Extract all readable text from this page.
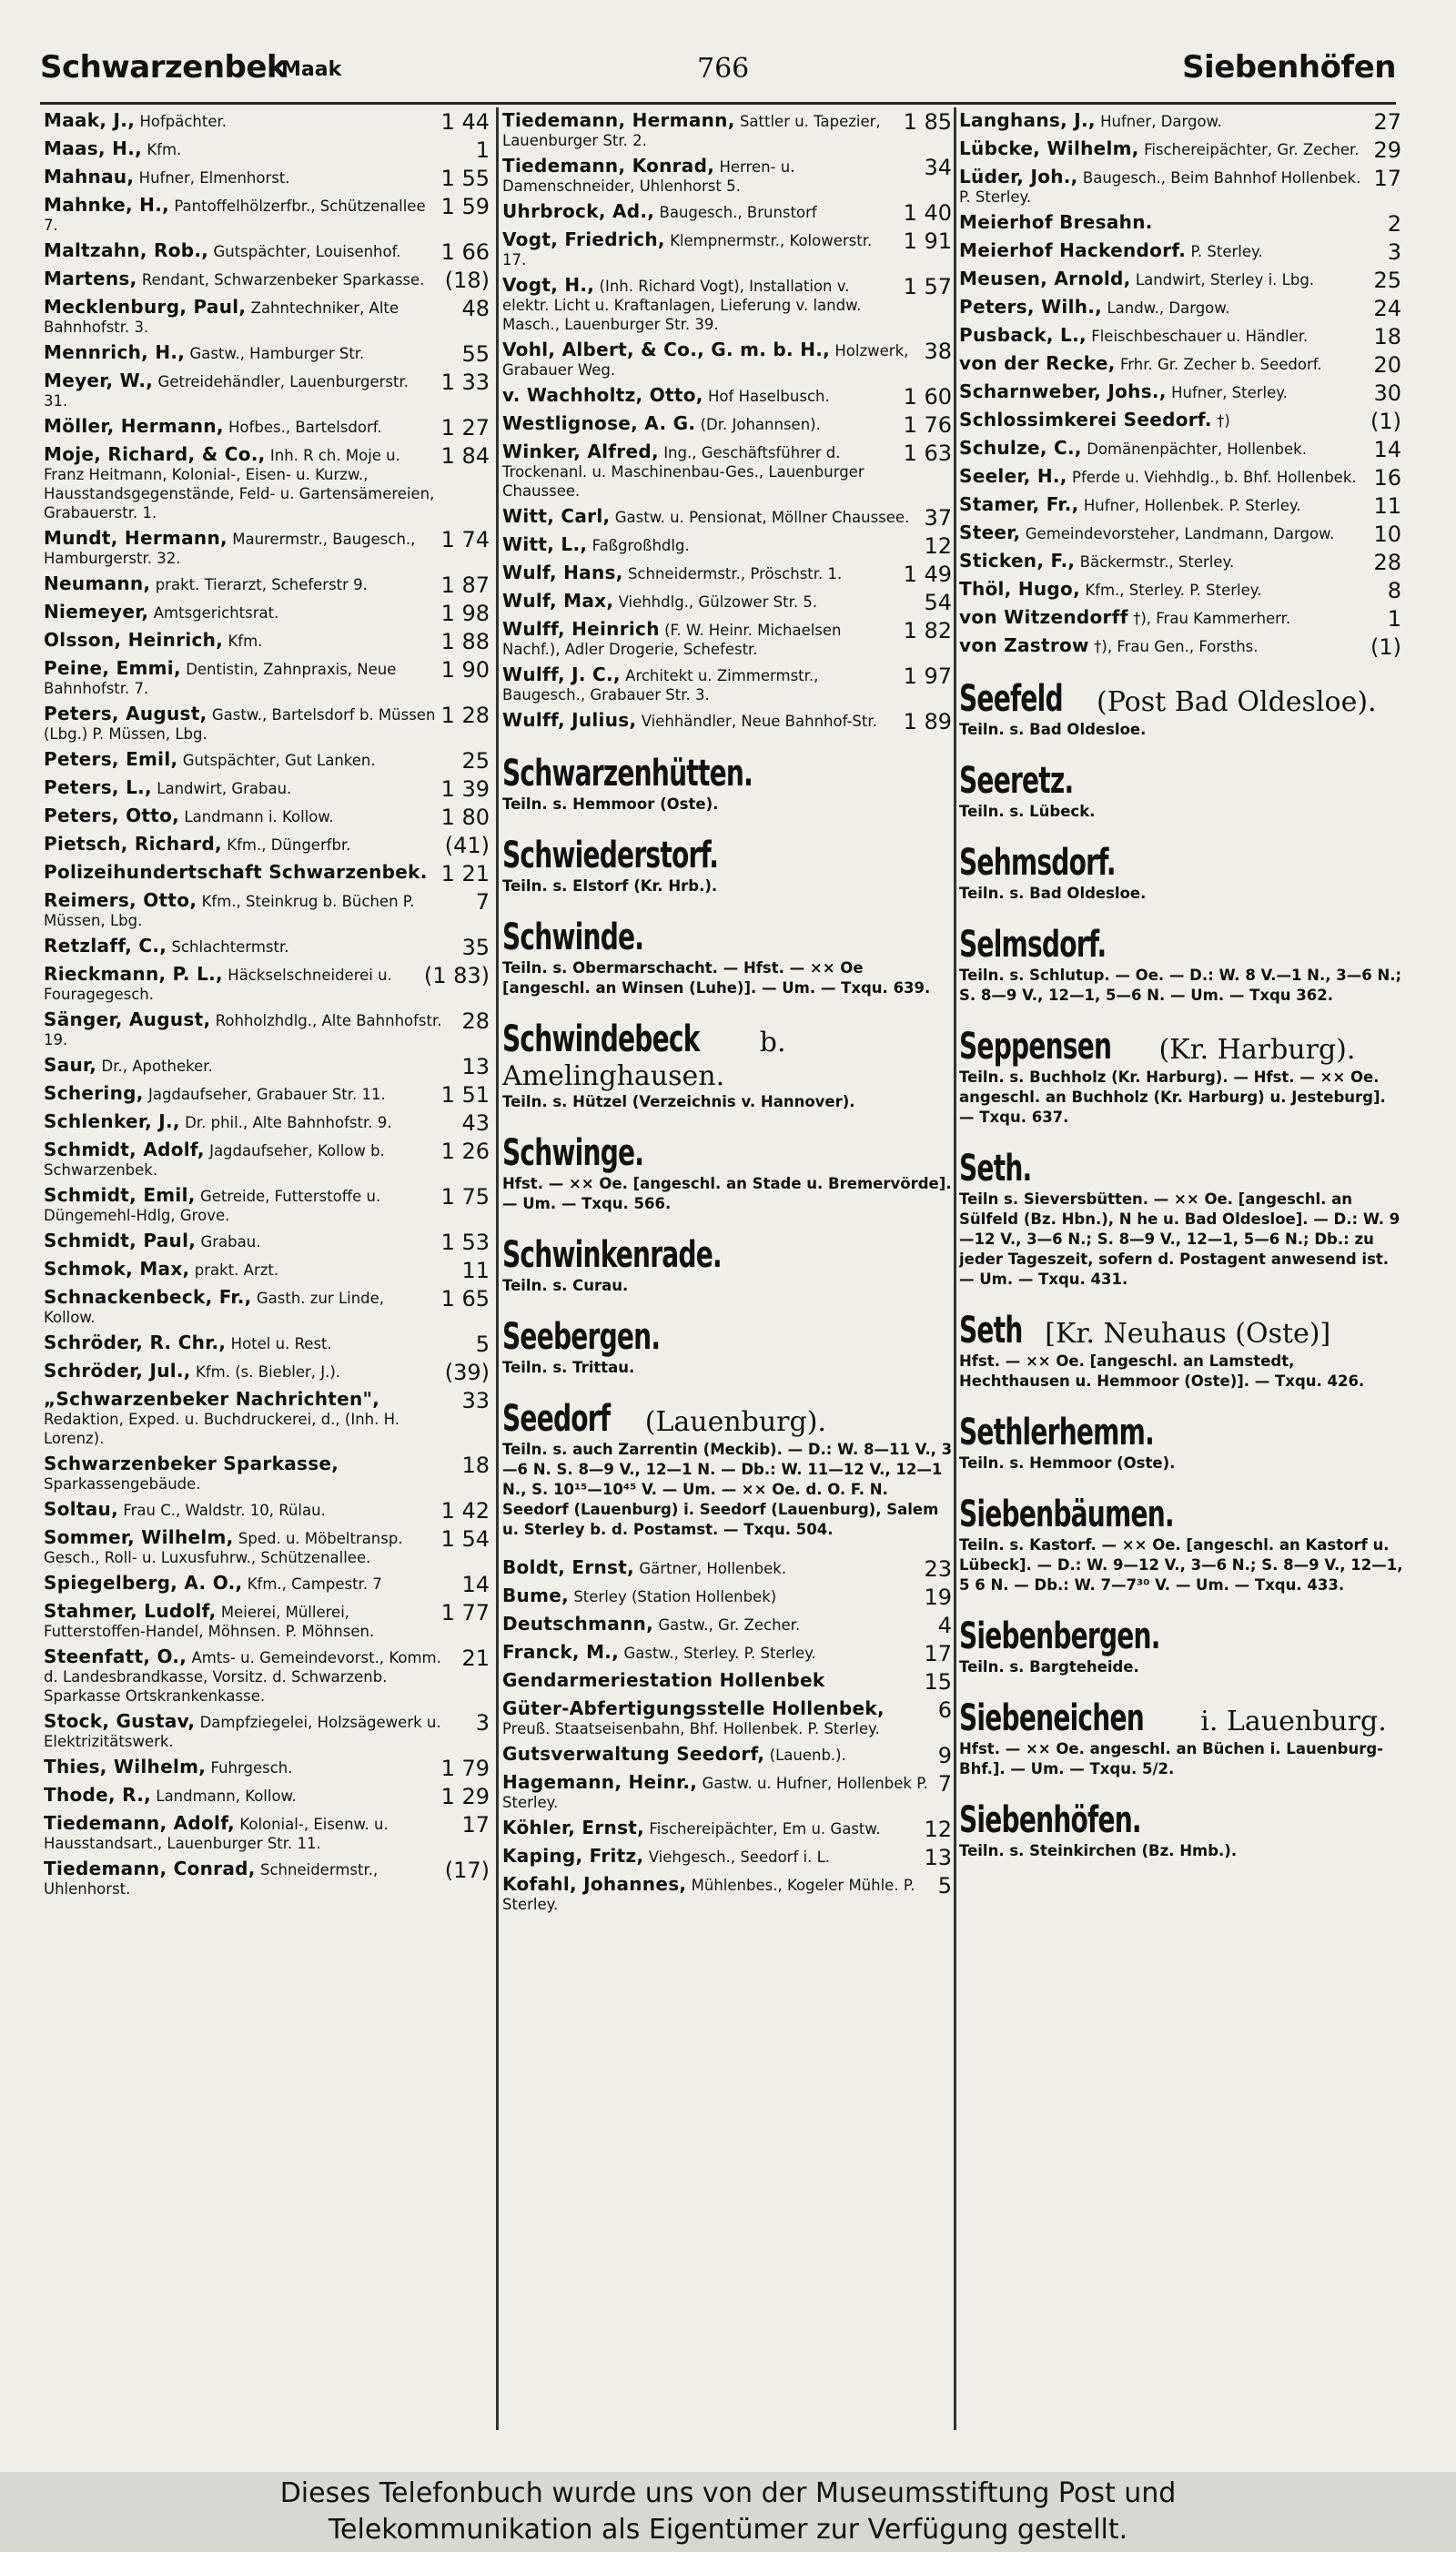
Schwarzenbek
Maak	766	Siebenhöfen
1 44
Maak, J., Hofpächter.
1
Maas, H., Kfm.
1 55
Mahnau, Hufner, Elmenhorst.
1 59
Mahnke, H., Pantoffelhölzerfbr., Schützenallee 7.
1 66
Maltzahn, Rob., Gutspächter, Louisenhof.
(18)
Martens, Rendant, Schwarzenbeker Sparkasse.
48
Mecklenburg, Paul, Zahntechniker, Alte Bahnhofstr. 3.
55
Mennrich, H., Gastw., Hamburger Str.
1 33
Meyer, W., Getreidehändler, Lauenburgerstr. 31.
1 27
Möller, Hermann, Hofbes., Bartelsdorf.
1 84
Moje, Richard, & Co., Inh. R ch. Moje u. Franz Heitmann, Kolonial-, Eisen- u. Kurzw., Hausstandsgegenstände, Feld- u. Gartensämereien, Grabauerstr. 1.
1 74
Mundt, Hermann, Maurermstr., Baugesch., Hamburgerstr. 32.
1 87
Neumann, prakt. Tierarzt, Scheferstr 9.
1 98
Niemeyer, Amtsgerichtsrat.
1 88
Olsson, Heinrich, Kfm.
1 90
Peine, Emmi, Dentistin, Zahnpraxis, Neue Bahnhofstr. 7.
1 28
Peters, August, Gastw., Bartelsdorf b. Müssen (Lbg.) P. Müssen, Lbg.
25
Peters, Emil, Gutspächter, Gut Lanken.
1 39
Peters, L., Landwirt, Grabau.
1 80
Peters, Otto, Landmann i. Kollow.
(41)
Pietsch, Richard, Kfm., Düngerfbr.
1 21
Polizeihundertschaft Schwarzenbek.
7
Reimers, Otto, Kfm., Steinkrug b. Büchen P. Müssen, Lbg.
35
Retzlaff, C., Schlachtermstr.
(1 83)
Rieckmann, P. L., Häckselschneiderei u. Fouragegesch.
28
Sänger, August, Rohholzhdlg., Alte Bahnhofstr. 19.
13
Saur, Dr., Apotheker.
1 51
Schering, Jagdaufseher, Grabauer Str. 11.
43
Schlenker, J., Dr. phil., Alte Bahnhofstr. 9.
1 26
Schmidt, Adolf, Jagdaufseher, Kollow b. Schwarzenbek.
1 75
Schmidt, Emil, Getreide, Futterstoffe u. Düngemehl-Hdlg, Grove.
1 53
Schmidt, Paul, Grabau.
11
Schmok, Max, prakt. Arzt.
1 65
Schnackenbeck, Fr., Gasth. zur Linde, Kollow.
5
Schröder, R. Chr., Hotel u. Rest.
(39)
Schröder, Jul., Kfm. (s. Biebler, J.).
33
„Schwarzenbeker Nachrichten", Redaktion, Exped. u. Buchdruckerei, d., (Inh. H. Lorenz).
18
Schwarzenbeker Sparkasse, Sparkassengebäude.
1 42
Soltau, Frau C., Waldstr. 10, Rülau.
1 54
Sommer, Wilhelm, Sped. u. Möbeltransp. Gesch., Roll- u. Luxusfuhrw., Schützenallee.
14
Spiegelberg, A. O., Kfm., Campestr. 7
1 77
Stahmer, Ludolf, Meierei, Müllerei, Futterstoffen-Handel, Möhnsen. P. Möhnsen.
21
Steenfatt, O., Amts- u. Gemeindevorst., Komm. d. Landesbrandkasse, Vorsitz. d. Schwarzenb. Sparkasse Ortskrankenkasse.
3
Stock, Gustav, Dampfziegelei, Holzsägewerk u. Elektrizitätswerk.
1 79
Thies, Wilhelm, Fuhrgesch.
1 29
Thode, R., Landmann, Kollow.
17
Tiedemann, Adolf, Kolonial-, Eisenw. u. Hausstandsart., Lauenburger Str. 11.
(17)
Tiedemann, Conrad, Schneidermstr., Uhlenhorst.
1 85
Tiedemann, Hermann, Sattler u. Tapezier, Lauenburger Str. 2.
34
Tiedemann, Konrad, Herren- u. Damenschneider, Uhlenhorst 5.
1 40
Uhrbrock, Ad., Baugesch., Brunstorf
1 91
Vogt, Friedrich, Klempnermstr., Kolowerstr. 17.
1 57
Vogt, H., (Inh. Richard Vogt), Installation v. elektr. Licht u. Kraftanlagen, Lieferung v. landw. Masch., Lauenburger Str. 39.
38
Vohl, Albert, & Co., G. m. b. H., Holzwerk, Grabauer Weg.
1 60
v. Wachholtz, Otto, Hof Haselbusch.
1 76
Westlignose, A. G. (Dr. Johannsen).
1 63
Winker, Alfred, Ing., Geschäftsführer d. Trockenanl. u. Maschinenbau-Ges., Lauenburger Chaussee.
37
Witt, Carl, Gastw. u. Pensionat, Möllner Chaussee.
12
Witt, L., Faßgroßhdlg.
1 49
Wulf, Hans, Schneidermstr., Pröschstr. 1.
54
Wulf, Max, Viehhdlg., Gülzower Str. 5.
1 82
Wulff, Heinrich (F. W. Heinr. Michaelsen Nachf.), Adler Drogerie, Schefestr.
1 97
Wulff, J. C., Architekt u. Zimmermstr., Baugesch., Grabauer Str. 3.
1 89
Wulff, Julius, Viehhändler, Neue Bahnhof-Str.
Schwarzenhütten.
Teiln. s. Hemmoor (Oste).
Schwiederstorf.
Teiln. s. Elstorf (Kr. Hrb.).
Schwinde.
Teiln. s. Obermarschacht. — Hfst. — ×× Oe [angeschl. an Winsen (Luhe)]. — Um. — Txqu. 639.
Schwindebeck b. Amelinghausen.
Teiln. s. Hützel (Verzeichnis v. Hannover).
Schwinge.
Hfst. — ×× Oe. [angeschl. an Stade u. Bremervörde]. — Um. — Txqu. 566.
Schwinkenrade.
Teiln. s. Curau.
Seebergen.
Teiln. s. Trittau.
Seedorf (Lauenburg).
Teiln. s. auch Zarrentin (Meckib). — D.: W. 8—11 V., 3—6 N. S. 8—9 V., 12—1 N. — Db.: W. 11—12 V., 12—1 N., S. 10¹⁵—10⁴⁵ V. — Um. — ×× Oe. d. O. F. N. Seedorf (Lauenburg) i. Seedorf (Lauenburg), Salem u. Sterley b. d. Postamst. — Txqu. 504.
23
Boldt, Ernst, Gärtner, Hollenbek.
19
Bume, Sterley (Station Hollenbek)
4
Deutschmann, Gastw., Gr. Zecher.
17
Franck, M., Gastw., Sterley. P. Sterley.
15
Gendarmeriestation Hollenbek
6
Güter-Abfertigungsstelle Hollenbek, Preuß. Staatseisenbahn, Bhf. Hollenbek. P. Sterley.
9
Gutsverwaltung Seedorf, (Lauenb.).
7
Hagemann, Heinr., Gastw. u. Hufner, Hollenbek P. Sterley.
12
Köhler, Ernst, Fischereipächter, Em u. Gastw.
13
Kaping, Fritz, Viehgesch., Seedorf i. L.
5
Kofahl, Johannes, Mühlenbes., Kogeler Mühle. P. Sterley.
27
Langhans, J., Hufner, Dargow.
29
Lübcke, Wilhelm, Fischereipächter, Gr. Zecher.
17
Lüder, Joh., Baugesch., Beim Bahnhof Hollenbek. P. Sterley.
2
Meierhof Bresahn.
3
Meierhof Hackendorf. P. Sterley.
25
Meusen, Arnold, Landwirt, Sterley i. Lbg.
24
Peters, Wilh., Landw., Dargow.
18
Pusback, L., Fleischbeschauer u. Händler.
20
von der Recke, Frhr. Gr. Zecher b. Seedorf.
30
Scharnweber, Johs., Hufner, Sterley.
(1)
Schlossimkerei Seedorf. †)
14
Schulze, C., Domänenpächter, Hollenbek.
16
Seeler, H., Pferde u. Viehhdlg., b. Bhf. Hollenbek.
11
Stamer, Fr., Hufner, Hollenbek. P. Sterley.
10
Steer, Gemeindevorsteher, Landmann, Dargow.
28
Sticken, F., Bäckermstr., Sterley.
8
Thöl, Hugo, Kfm., Sterley. P. Sterley.
1
von Witzendorff †), Frau Kammerherr.
(1)
von Zastrow †), Frau Gen., Forsths.
Seefeld (Post Bad Oldesloe).
Teiln. s. Bad Oldesloe.
Seeretz.
Teiln. s. Lübeck.
Sehmsdorf.
Teiln. s. Bad Oldesloe.
Selmsdorf.
Teiln. s. Schlutup. — Oe. — D.: W. 8 V.—1 N., 3—6 N.; S. 8—9 V., 12—1, 5—6 N. — Um. — Txqu 362.
Seppensen (Kr. Harburg).
Teiln. s. Buchholz (Kr. Harburg). — Hfst. — ×× Oe. angeschl. an Buchholz (Kr. Harburg) u. Jesteburg]. — Txqu. 637.
Seth.
Teiln s. Sieversbütten. — ×× Oe. [angeschl. an Sülfeld (Bz. Hbn.), N he u. Bad Oldesloe]. — D.: W. 9—12 V., 3—6 N.; S. 8—9 V., 12—1, 5—6 N.; Db.: zu jeder Tageszeit, sofern d. Postagent anwesend ist. — Um. — Txqu. 431.
Seth [Kr. Neuhaus (Oste)]
Hfst. — ×× Oe. [angeschl. an Lamstedt, Hechthausen u. Hemmoor (Oste)]. — Txqu. 426.
Sethlerhemm.
Teiln. s. Hemmoor (Oste).
Siebenbäumen.
Teiln. s. Kastorf. — ×× Oe. [angeschl. an Kastorf u. Lübeck]. — D.: W. 9—12 V., 3—6 N.; S. 8—9 V., 12—1, 5 6 N. — Db.: W. 7—7³⁰ V. — Um. — Txqu. 433.
Siebenbergen.
Teiln. s. Bargteheide.
Siebeneichen i. Lauenburg.
Hfst. — ×× Oe. angeschl. an Büchen i. Lauenburg-Bhf.]. — Um. — Txqu. 5/2.
Siebenhöfen.
Teiln. s. Steinkirchen (Bz. Hmb.).
Dieses Telefonbuch wurde uns von der Museumsstiftung Post und
Telekommunikation als Eigentümer zur Verfügung gestellt.
